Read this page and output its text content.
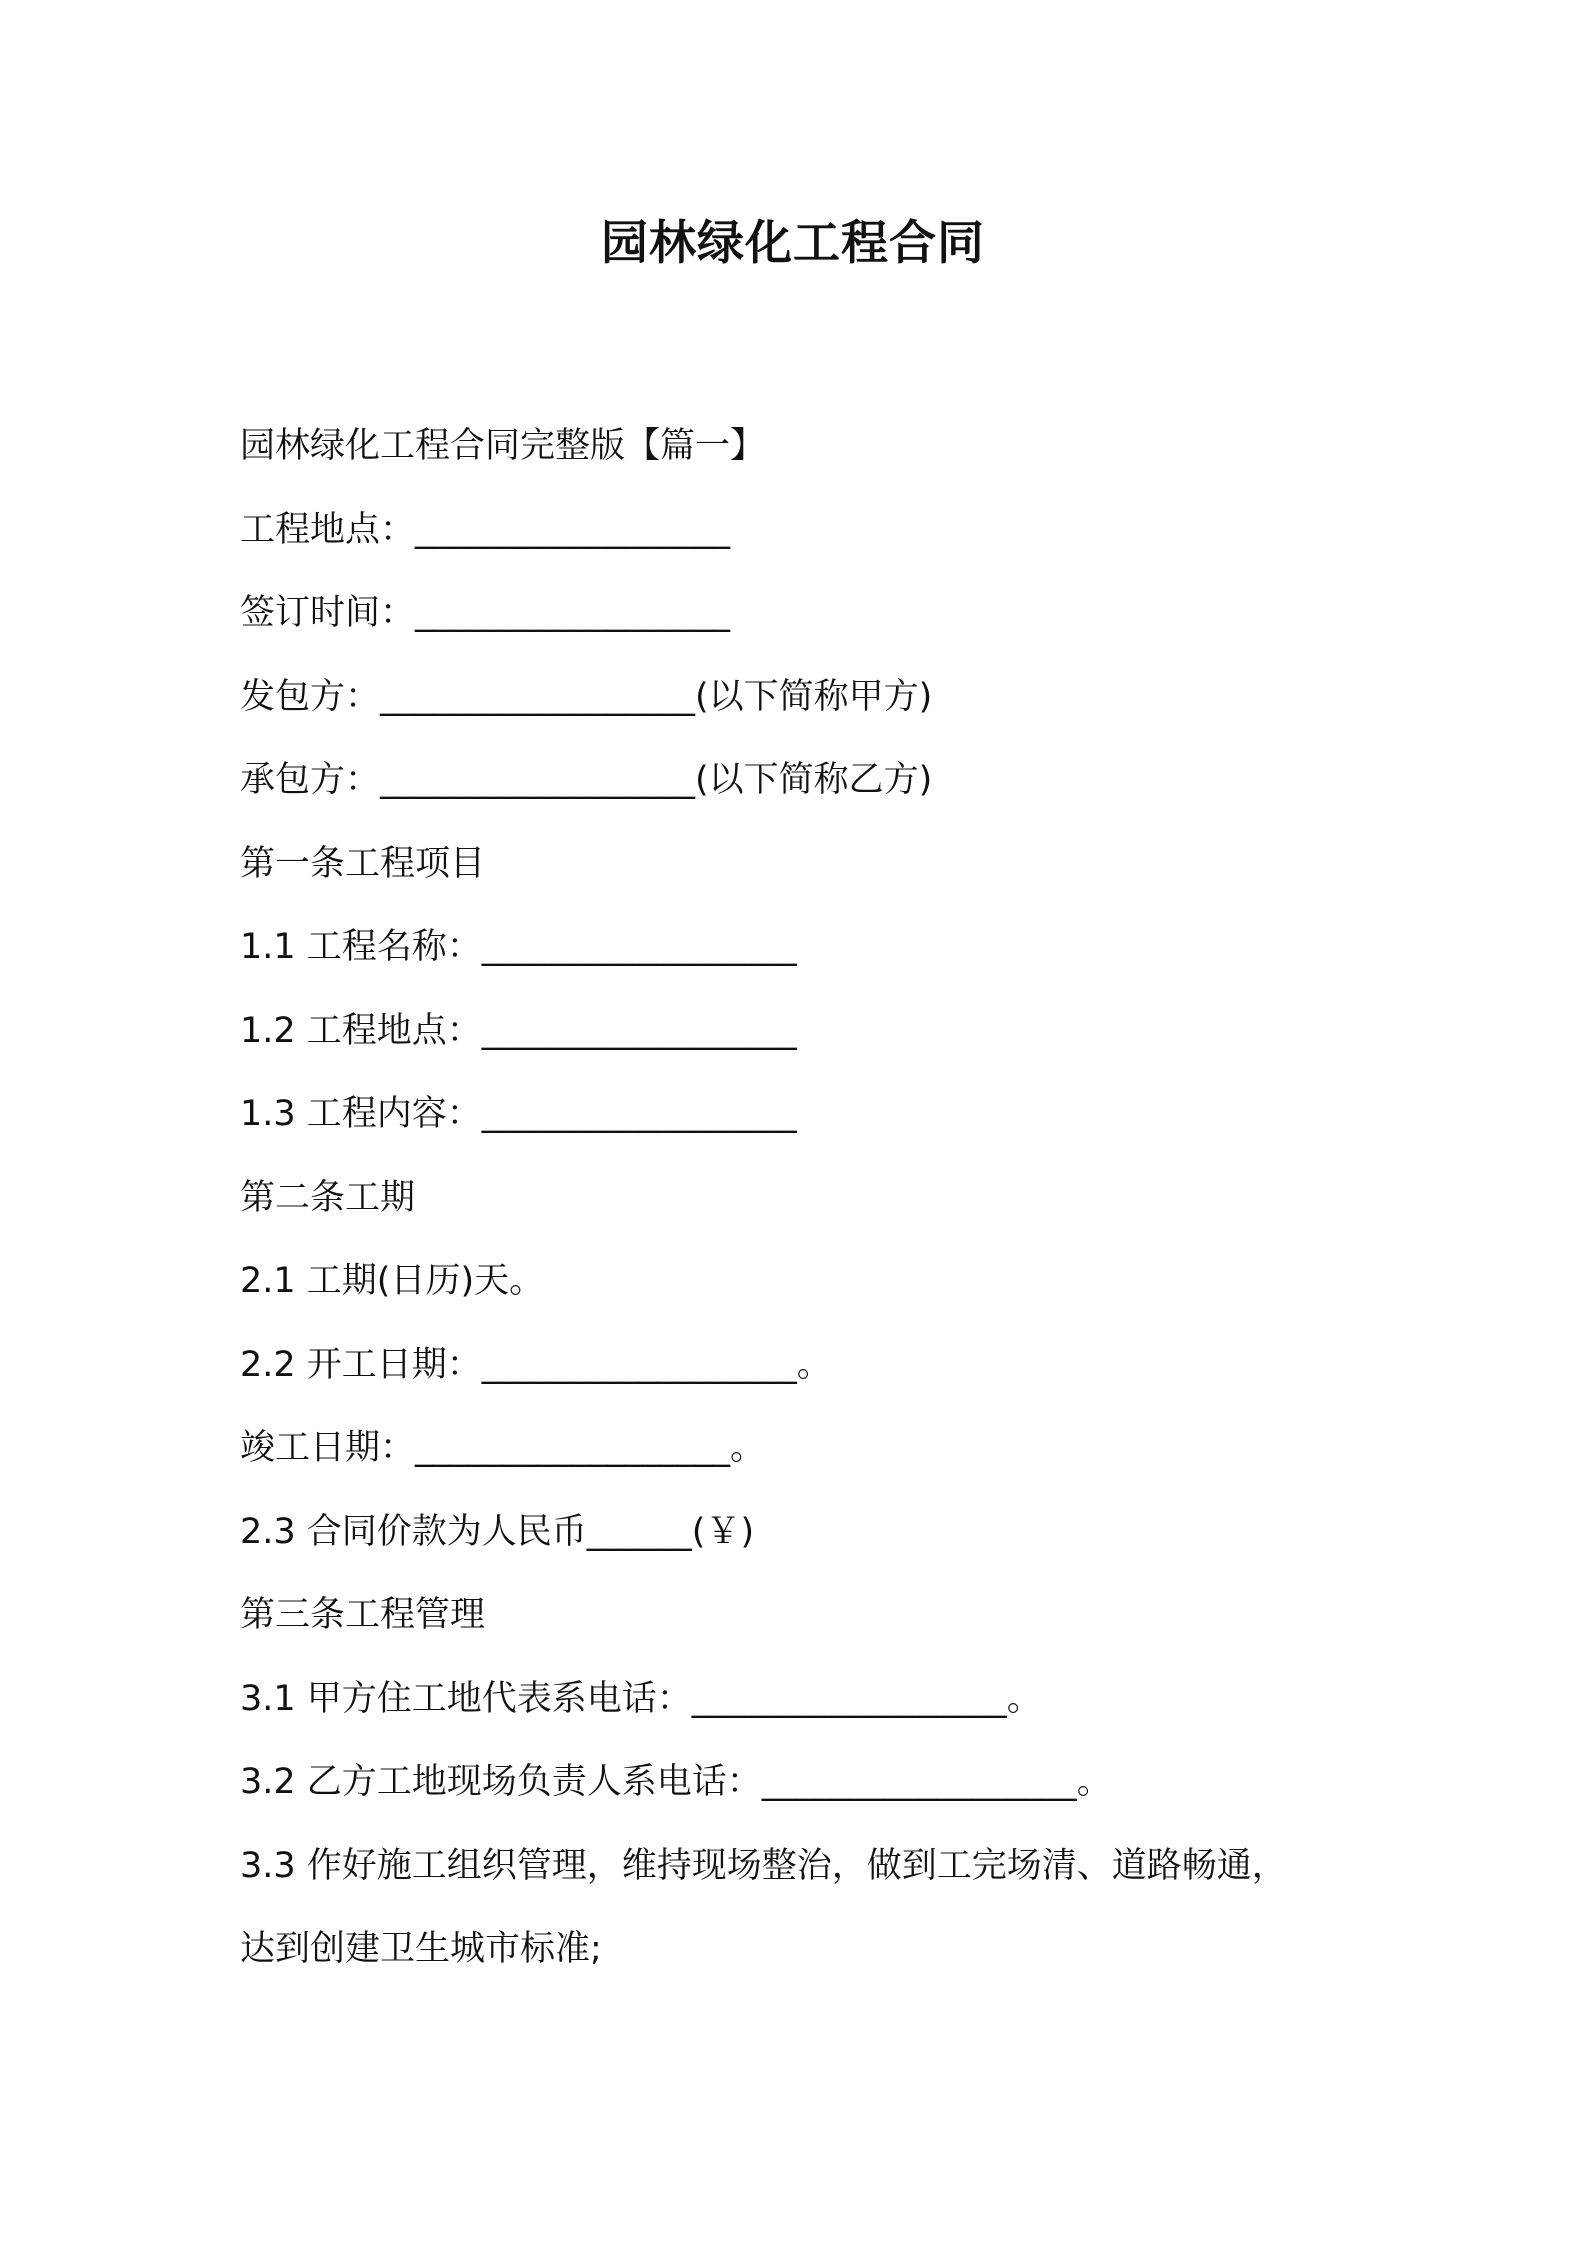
园林绿化工程合同
园林绿化工程合同完整版【篇一】
工程地点：__________________
签订时间：__________________
发包方：__________________(以下简称甲方)
承包方：__________________(以下简称乙方)
第一条工程项目
1.1 工程名称：__________________
1.2 工程地点：__________________
1.3 工程内容：__________________
第二条工期
2.1 工期(日历)天。
2.2 开工日期：__________________。
竣工日期：__________________。
2.3 合同价款为人民币______(￥)
第三条工程管理
3.1 甲方住工地代表系电话：__________________。
3.2 乙方工地现场负责人系电话：__________________。
3.3 作好施工组织管理，维持现场整治，做到工完场清、道路畅通，
达到创建卫生城市标准;
